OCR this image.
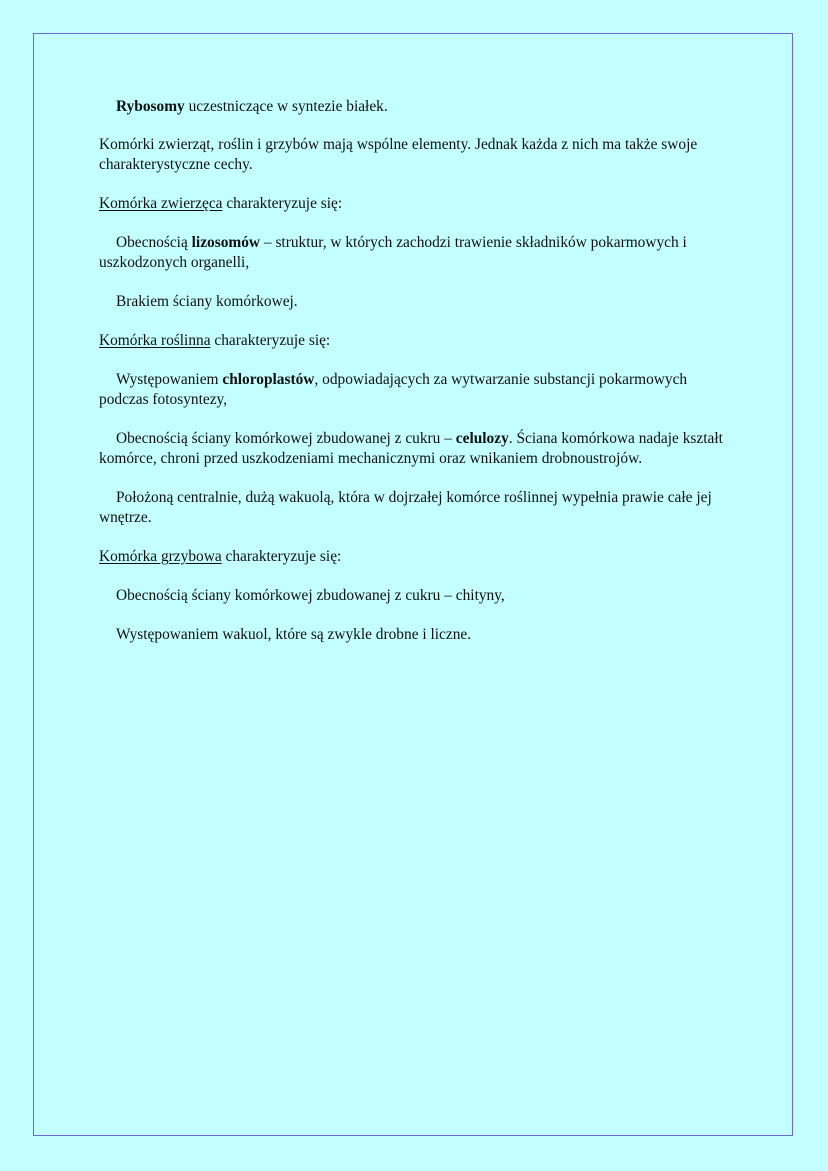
Rybosomy uczestniczące w syntezie białek.

Komórki zwierząt, roślin i grzybów mają wspólne elementy. Jednak każda z nich ma także swoje charakterystyczne cechy.

Komórka zwierzęca charakteryzuje się:

Obecnością lizosomów – struktur, w których zachodzi trawienie składników pokarmowych i uszkodzonych organelli,

Brakiem ściany komórkowej.

Komórka roślinna charakteryzuje się:

Występowaniem chloroplastów, odpowiadających za wytwarzanie substancji pokarmowych podczas fotosyntezy,

Obecnością ściany komórkowej zbudowanej z cukru – celulozy. Ściana komórkowa nadaje kształt komórce, chroni przed uszkodzeniami mechanicznymi oraz wnikaniem drobnoustrojów.

Położoną centralnie, dużą wakuolą, która w dojrzałej komórce roślinnej wypełnia prawie całe jej wnętrze.

Komórka grzybowa charakteryzuje się:

Obecnością ściany komórkowej zbudowanej z cukru – chityny,

Występowaniem wakuol, które są zwykle drobne i liczne.
